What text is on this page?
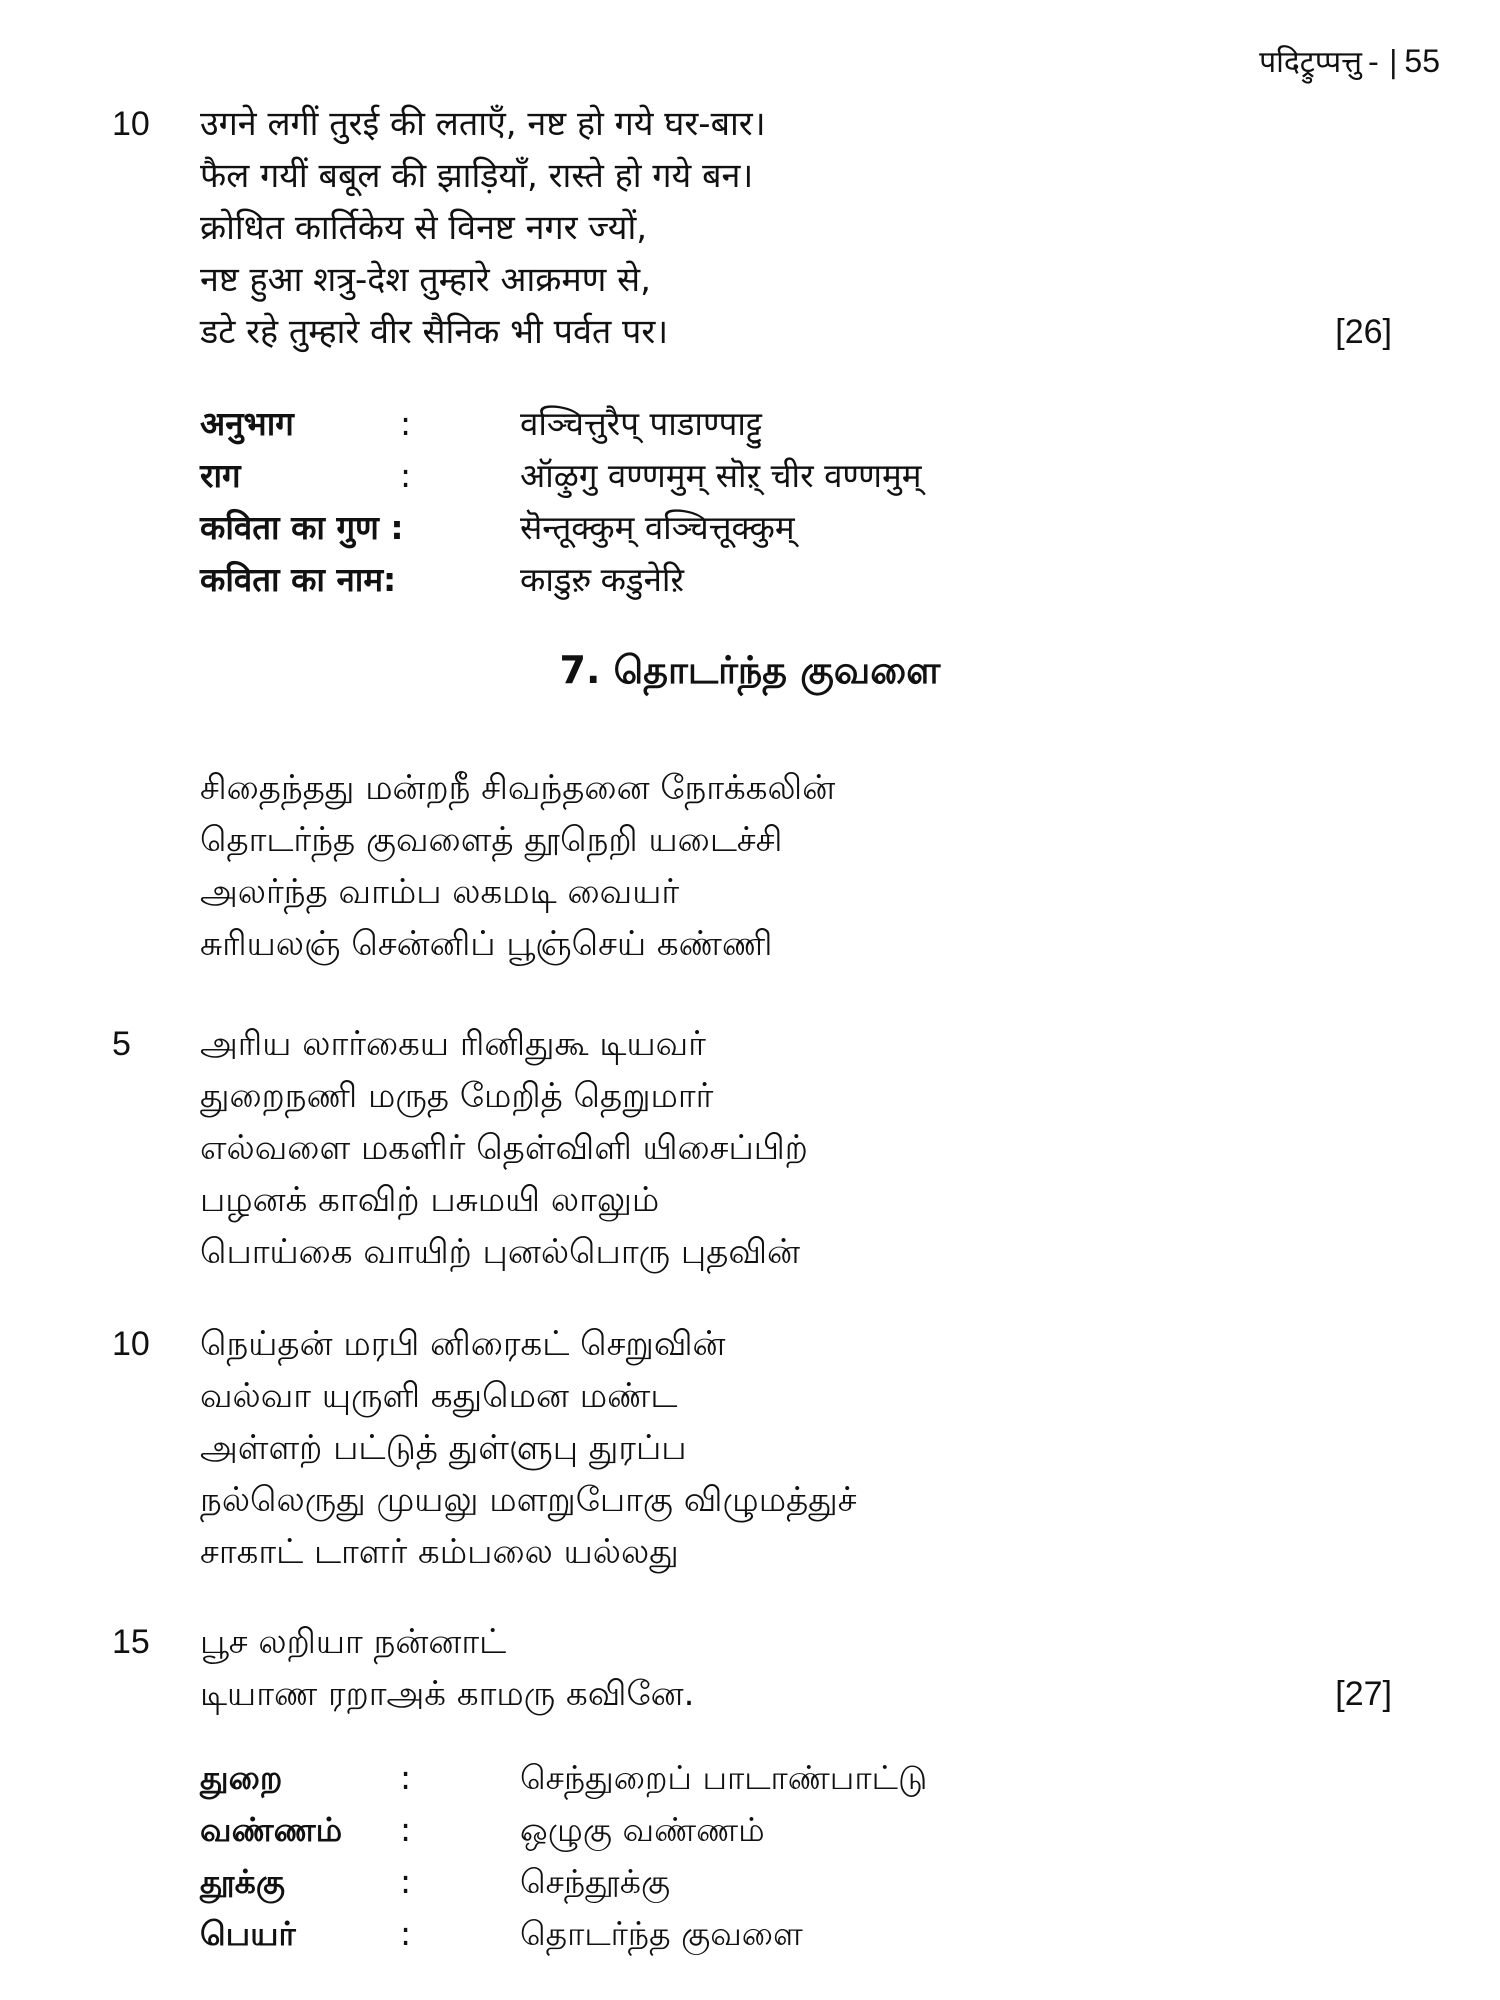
पदिट्रुप्पत्तु - | 55
10	उगने लगीं तुरई की लताएँ, नष्ट हो गये घर-बार।
फैल गयीं बबूल की झाड़ियाँ, रास्ते हो गये बन।
क्रोधित कार्तिकेय से विनष्ट नगर ज्यों,
नष्ट हुआ शत्रु-देश तुम्हारे आक्रमण से,
डटे रहे तुम्हारे वीर सैनिक भी पर्वत पर।	[26]
अनुभाग	:	वञ्चित्तुरैप् पाडाण्पाट्टु
राग	:	ऑऴुगु वण्णमुम् सॊऱ् चीर वण्णमुम्
कविता का गुण :	सॆन्तूक्कुम् वञ्चित्तूक्कुम्
कविता का नाम:	काडुऱु कडुनेऱि
7. தொடர்ந்த குவளை
சிதைந்தது மன்றநீ சிவந்தனை நோக்கலின்
தொடர்ந்த குவளைத் தூநெறி யடைச்சி
அலர்ந்த வாம்ப லகமடி வையர்
சுரியலஞ் சென்னிப் பூஞ்செய் கண்ணி
5	அரிய லார்கைய ரினிதுகூ டியவர்
துறைநணி மருத மேறித் தெறுமார்
எல்வளை மகளிர் தெள்விளி யிசைப்பிற்
பழனக் காவிற் பசுமயி லாலும்
பொய்கை வாயிற் புனல்பொரு புதவின்
10	நெய்தன் மரபி னிரைகட் செறுவின்
வல்வா யுருளி கதுமென மண்ட
அள்ளற் பட்டுத் துள்ளுபு துரப்ப
நல்லெருது முயலு மளறுபோகு விழுமத்துச்
சாகாட் டாளர் கம்பலை யல்லது
15	பூச லறியா நன்னாட்
டியாண ரறாஅக் காமரு கவினே.	[27]
துறை	:	செந்துறைப் பாடாண்பாட்டு
வண்ணம்	:	ஒழுகு வண்ணம்
தூக்கு	:	செந்தூக்கு
பெயர்	:	தொடர்ந்த குவளை
